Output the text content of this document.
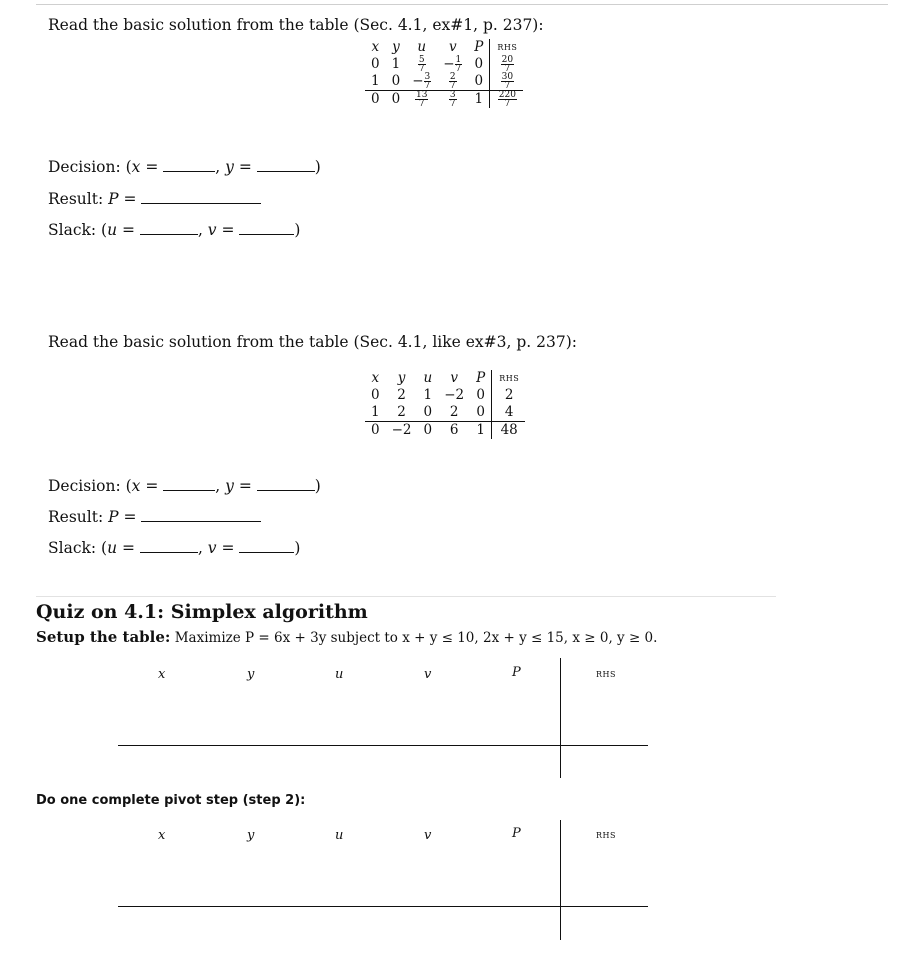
Read the basic solution from the table (Sec. 4.1, ex#1, p. 237):
x	y	u	v	P	RHS
0	1	$\frac{5}{7}$	− $\frac{1}{7}$	0	$\frac{20}{7}$

1	0	− $\frac{3}{7}$	$\frac{2}{7}$	0	$\frac{30}{7}$

0	0	$\frac{13}{7}$	$\frac{3}{7}$	1	$\frac{220}{7}$
Decision: (x =	, y =	)
Result: P =
Slack: (u =	, v =	)
Read the basic solution from the table (Sec. 4.1, like ex#3, p. 237):
x	y	u	v	P	RHS
0	2	1	−2	0	2
1	2	0	2	0	4
0	−2	0	6	1	48
Decision: (x =	, y =	)
Result: P =
Slack: (u =	, v =	)
Quiz on 4.1: Simplex algorithm
Setup the table: Maximize P = 6x + 3y subject to x + y ≤ 10, 2x + y ≤ 15, x ≥ 0, y ≥ 0.
x	y	u	v	P	RHS
Do one complete pivot step (step 2):
x	y	u	v	P	RHS
